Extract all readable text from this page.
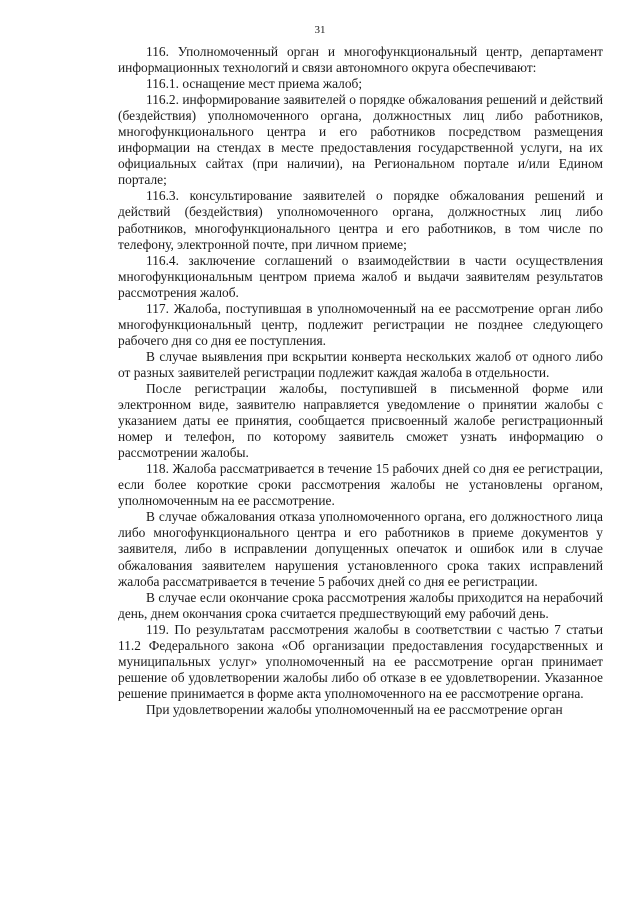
31

116. Уполномоченный орган и многофункциональный центр, департамент информационных технологий и связи автономного округа обеспечивают:

116.1. оснащение мест приема жалоб;

116.2. информирование заявителей о порядке обжалования решений и действий (бездействия) уполномоченного органа, должностных лиц либо работников, многофункционального центра и его работников посредством размещения информации на стендах в месте предоставления государственной услуги, на их официальных сайтах (при наличии), на Региональном портале и/или Едином портале;

116.3. консультирование заявителей о порядке обжалования решений и действий (бездействия) уполномоченного органа, должностных лиц либо работников, многофункционального центра и его работников, в том числе по телефону, электронной почте, при личном приеме;

116.4. заключение соглашений о взаимодействии в части осуществления многофункциональным центром приема жалоб и выдачи заявителям результатов рассмотрения жалоб.

117. Жалоба, поступившая в уполномоченный на ее рассмотрение орган либо многофункциональный центр, подлежит регистрации не позднее следующего рабочего дня со дня ее поступления.

В случае выявления при вскрытии конверта нескольких жалоб от одного либо от разных заявителей регистрации подлежит каждая жалоба в отдельности.

После регистрации жалобы, поступившей в письменной форме или электронном виде, заявителю направляется уведомление о принятии жалобы с указанием даты ее принятия, сообщается присвоенный жалобе регистрационный номер и телефон, по которому заявитель сможет узнать информацию о рассмотрении жалобы.

118. Жалоба рассматривается в течение 15 рабочих дней со дня ее регистрации, если более короткие сроки рассмотрения жалобы не установлены органом, уполномоченным на ее рассмотрение.

В случае обжалования отказа уполномоченного органа, его должностного лица либо многофункционального центра и его работников в приеме документов у заявителя, либо в исправлении допущенных опечаток и ошибок или в случае обжалования заявителем нарушения установленного срока таких исправлений жалоба рассматривается в течение 5 рабочих дней со дня ее регистрации.

В случае если окончание срока рассмотрения жалобы приходится на нерабочий день, днем окончания срока считается предшествующий ему рабочий день.

119. По результатам рассмотрения жалобы в соответствии с частью 7 статьи 11.2 Федерального закона «Об организации предоставления государственных и муниципальных услуг» уполномоченный на ее рассмотрение орган принимает решение об удовлетворении жалобы либо об отказе в ее удовлетворении. Указанное решение принимается в форме акта уполномоченного на ее рассмотрение органа.

При удовлетворении жалобы уполномоченный на ее рассмотрение орган
